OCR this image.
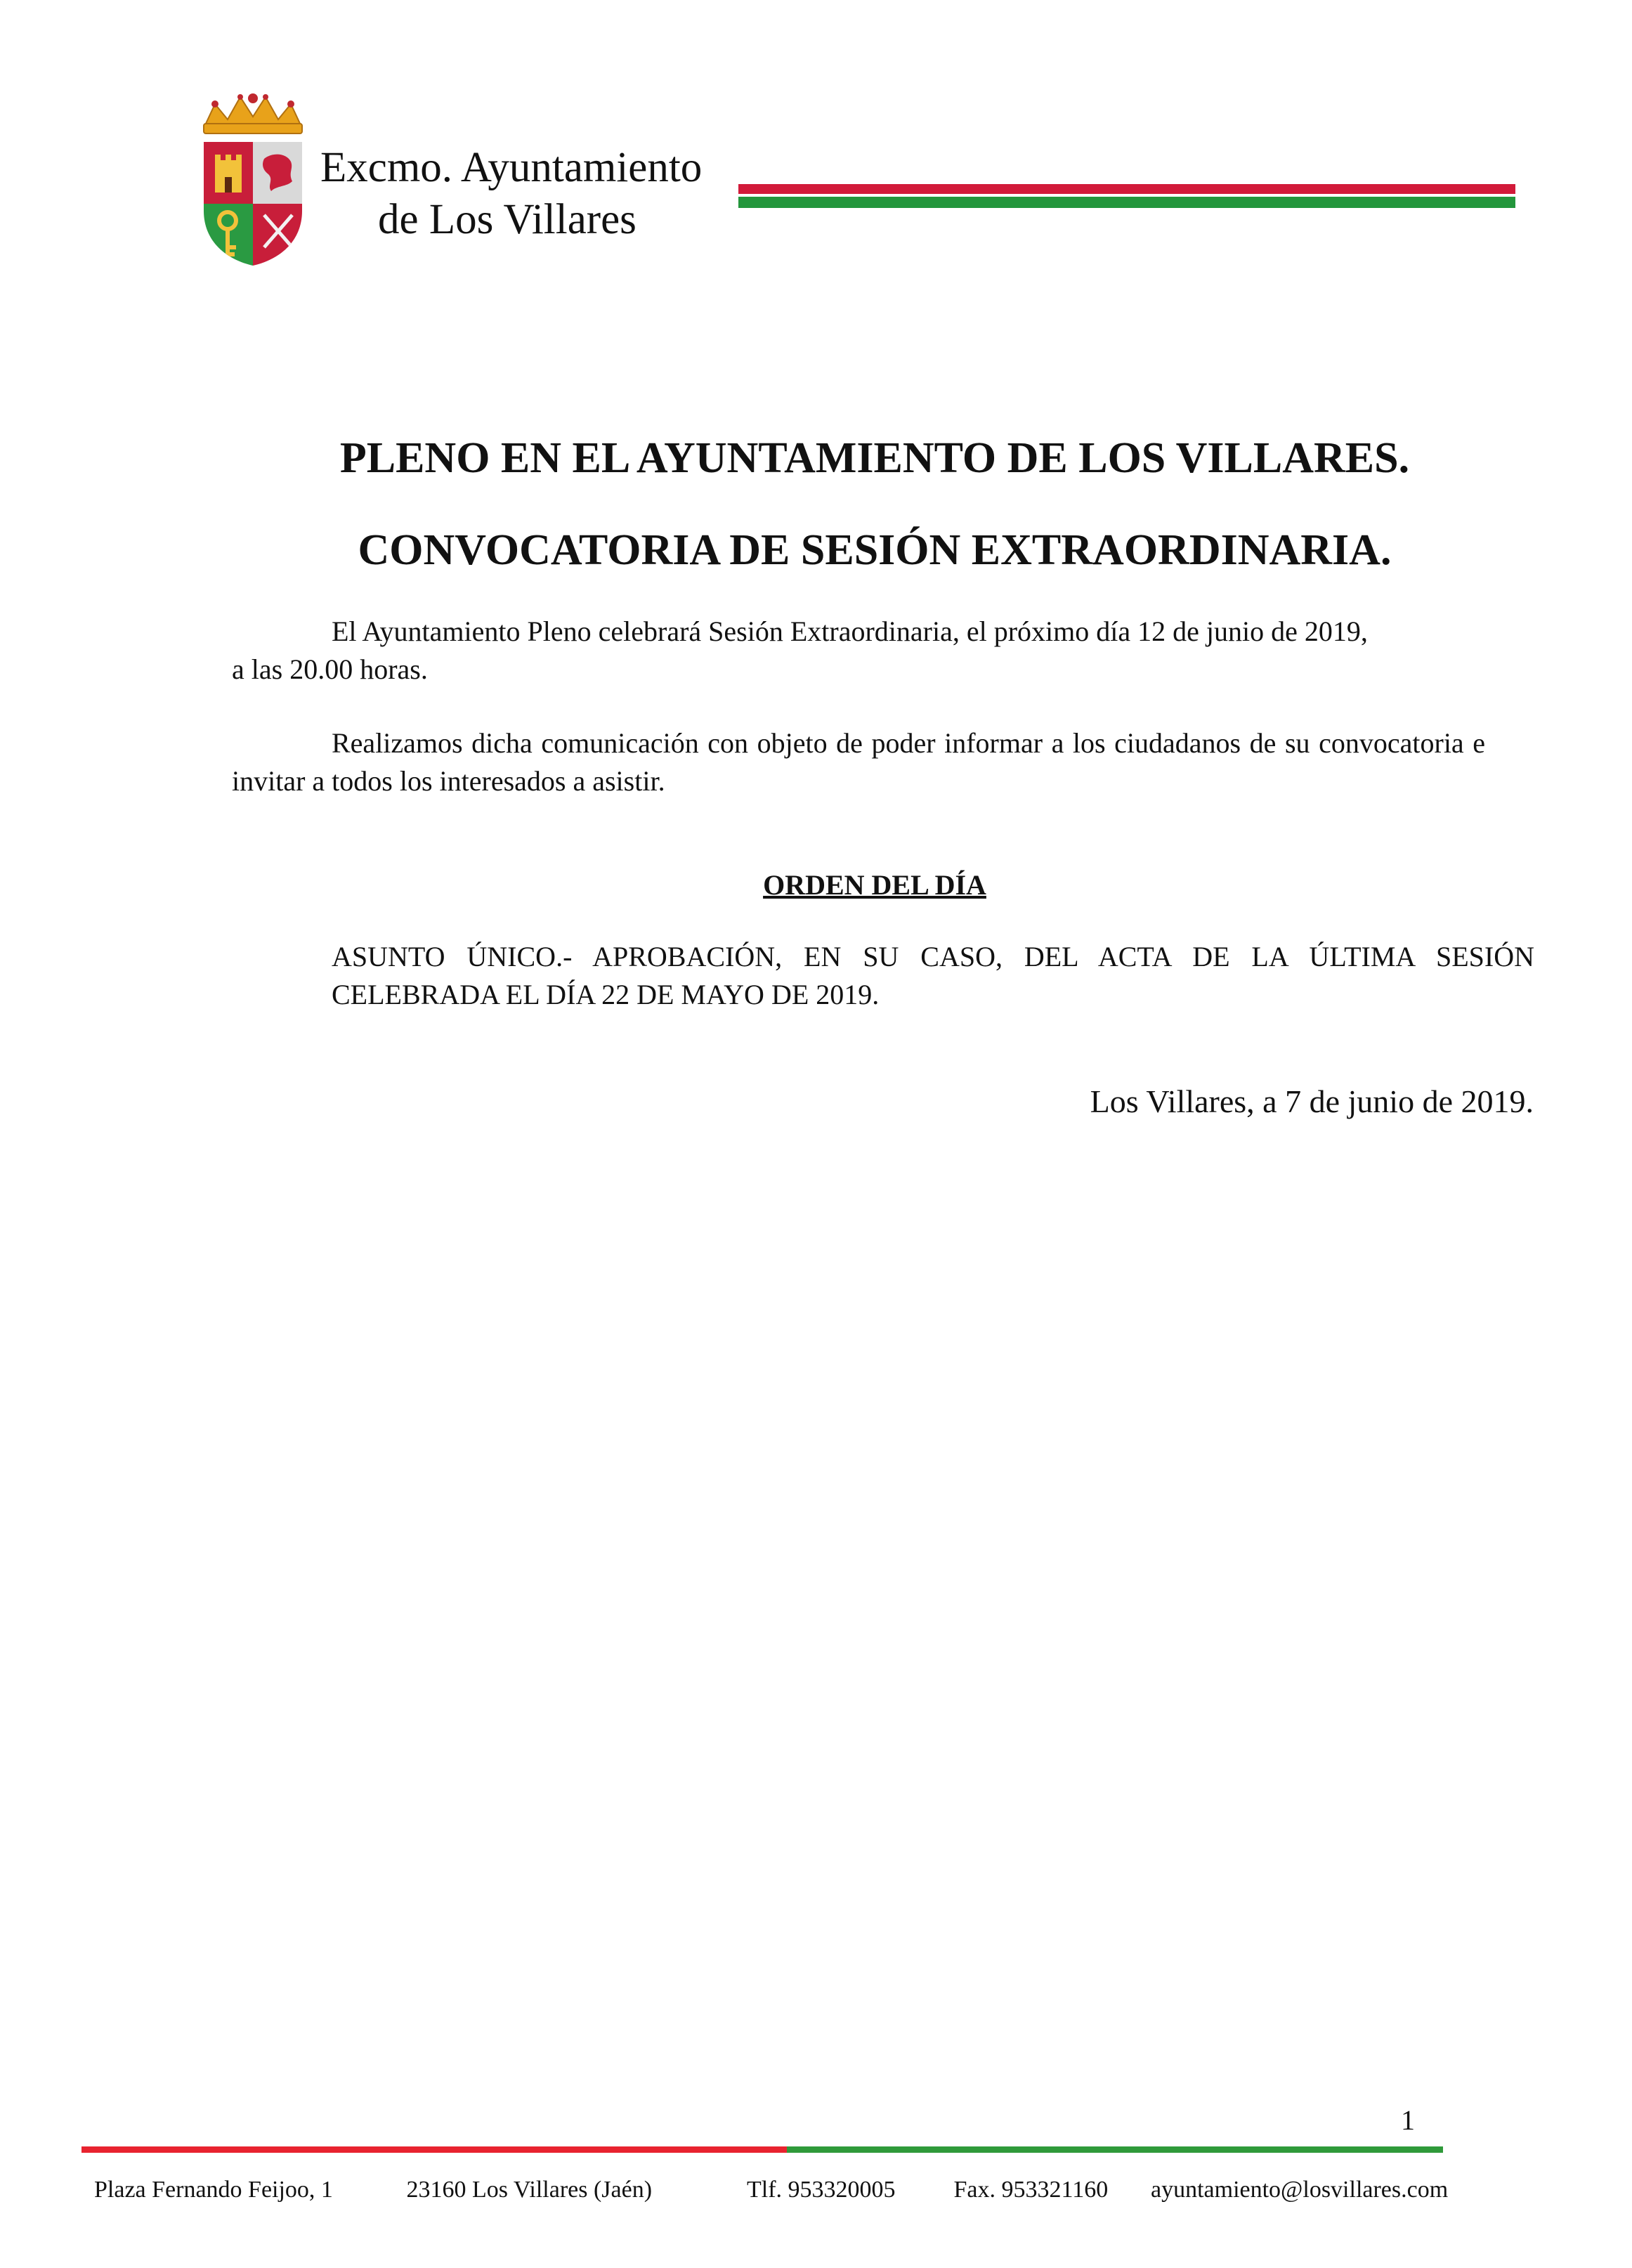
Excmo. Ayuntamiento
de Los Villares
PLENO EN EL AYUNTAMIENTO DE LOS VILLARES.
CONVOCATORIA DE SESIÓN EXTRAORDINARIA.
El Ayuntamiento Pleno celebrará Sesión Extraordinaria, el próximo día 12 de junio de 2019,
a las 20.00 horas.
Realizamos dicha comunicación con objeto de poder informar a los ciudadanos de su convocatoria e invitar a todos los interesados a asistir.
ORDEN DEL DÍA
ASUNTO ÚNICO.- APROBACIÓN, EN SU CASO, DEL ACTA DE LA ÚLTIMA SESIÓN CELEBRADA EL DÍA 22 DE MAYO DE 2019.
Los Villares, a 7 de junio de 2019.
1
Plaza Fernando Feijoo, 1	23160 Los Villares (Jaén)	Tlf. 953320005 Fax. 953321160 ayuntamiento@losvillares.com
